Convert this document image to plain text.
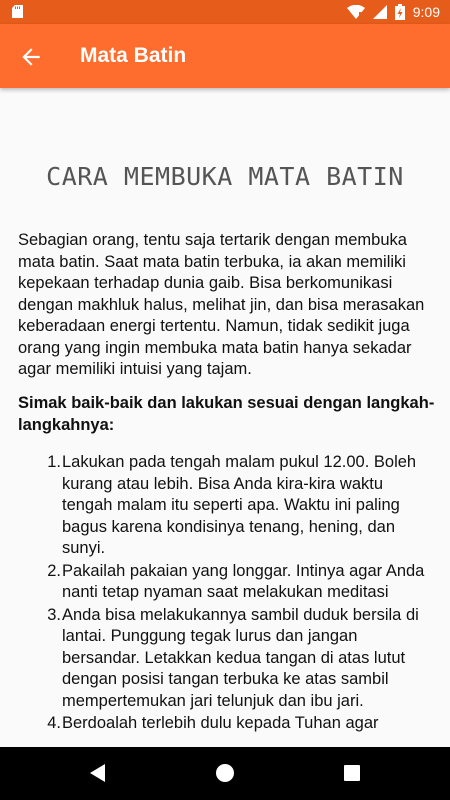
9:09
Mata Batin
CARA MEMBUKA MATA BATIN

Sebagian orang, tentu saja tertarik dengan membuka mata batin. Saat mata batin terbuka, ia akan memiliki kepekaan terhadap dunia gaib. Bisa berkomunikasi dengan makhluk halus, melihat jin, dan bisa merasakan keberadaan energi tertentu. Namun, tidak sedikit juga orang yang ingin membuka mata batin hanya sekadar agar memiliki intuisi yang tajam.

Simak baik-baik dan lakukan sesuai dengan langkah-langkahnya:

1. Lakukan pada tengah malam pukul 12.00. Boleh kurang atau lebih. Bisa Anda kira-kira waktu tengah malam itu seperti apa. Waktu ini paling bagus karena kondisinya tenang, hening, dan sunyi.
2. Pakailah pakaian yang longgar. Intinya agar Anda nanti tetap nyaman saat melakukan meditasi
3. Anda bisa melakukannya sambil duduk bersila di lantai. Punggung tegak lurus dan jangan bersandar. Letakkan kedua tangan di atas lutut dengan posisi tangan terbuka ke atas sambil mempertemukan jari telunjuk dan ibu jari.
4. Berdoalah terlebih dulu kepada Tuhan agar
